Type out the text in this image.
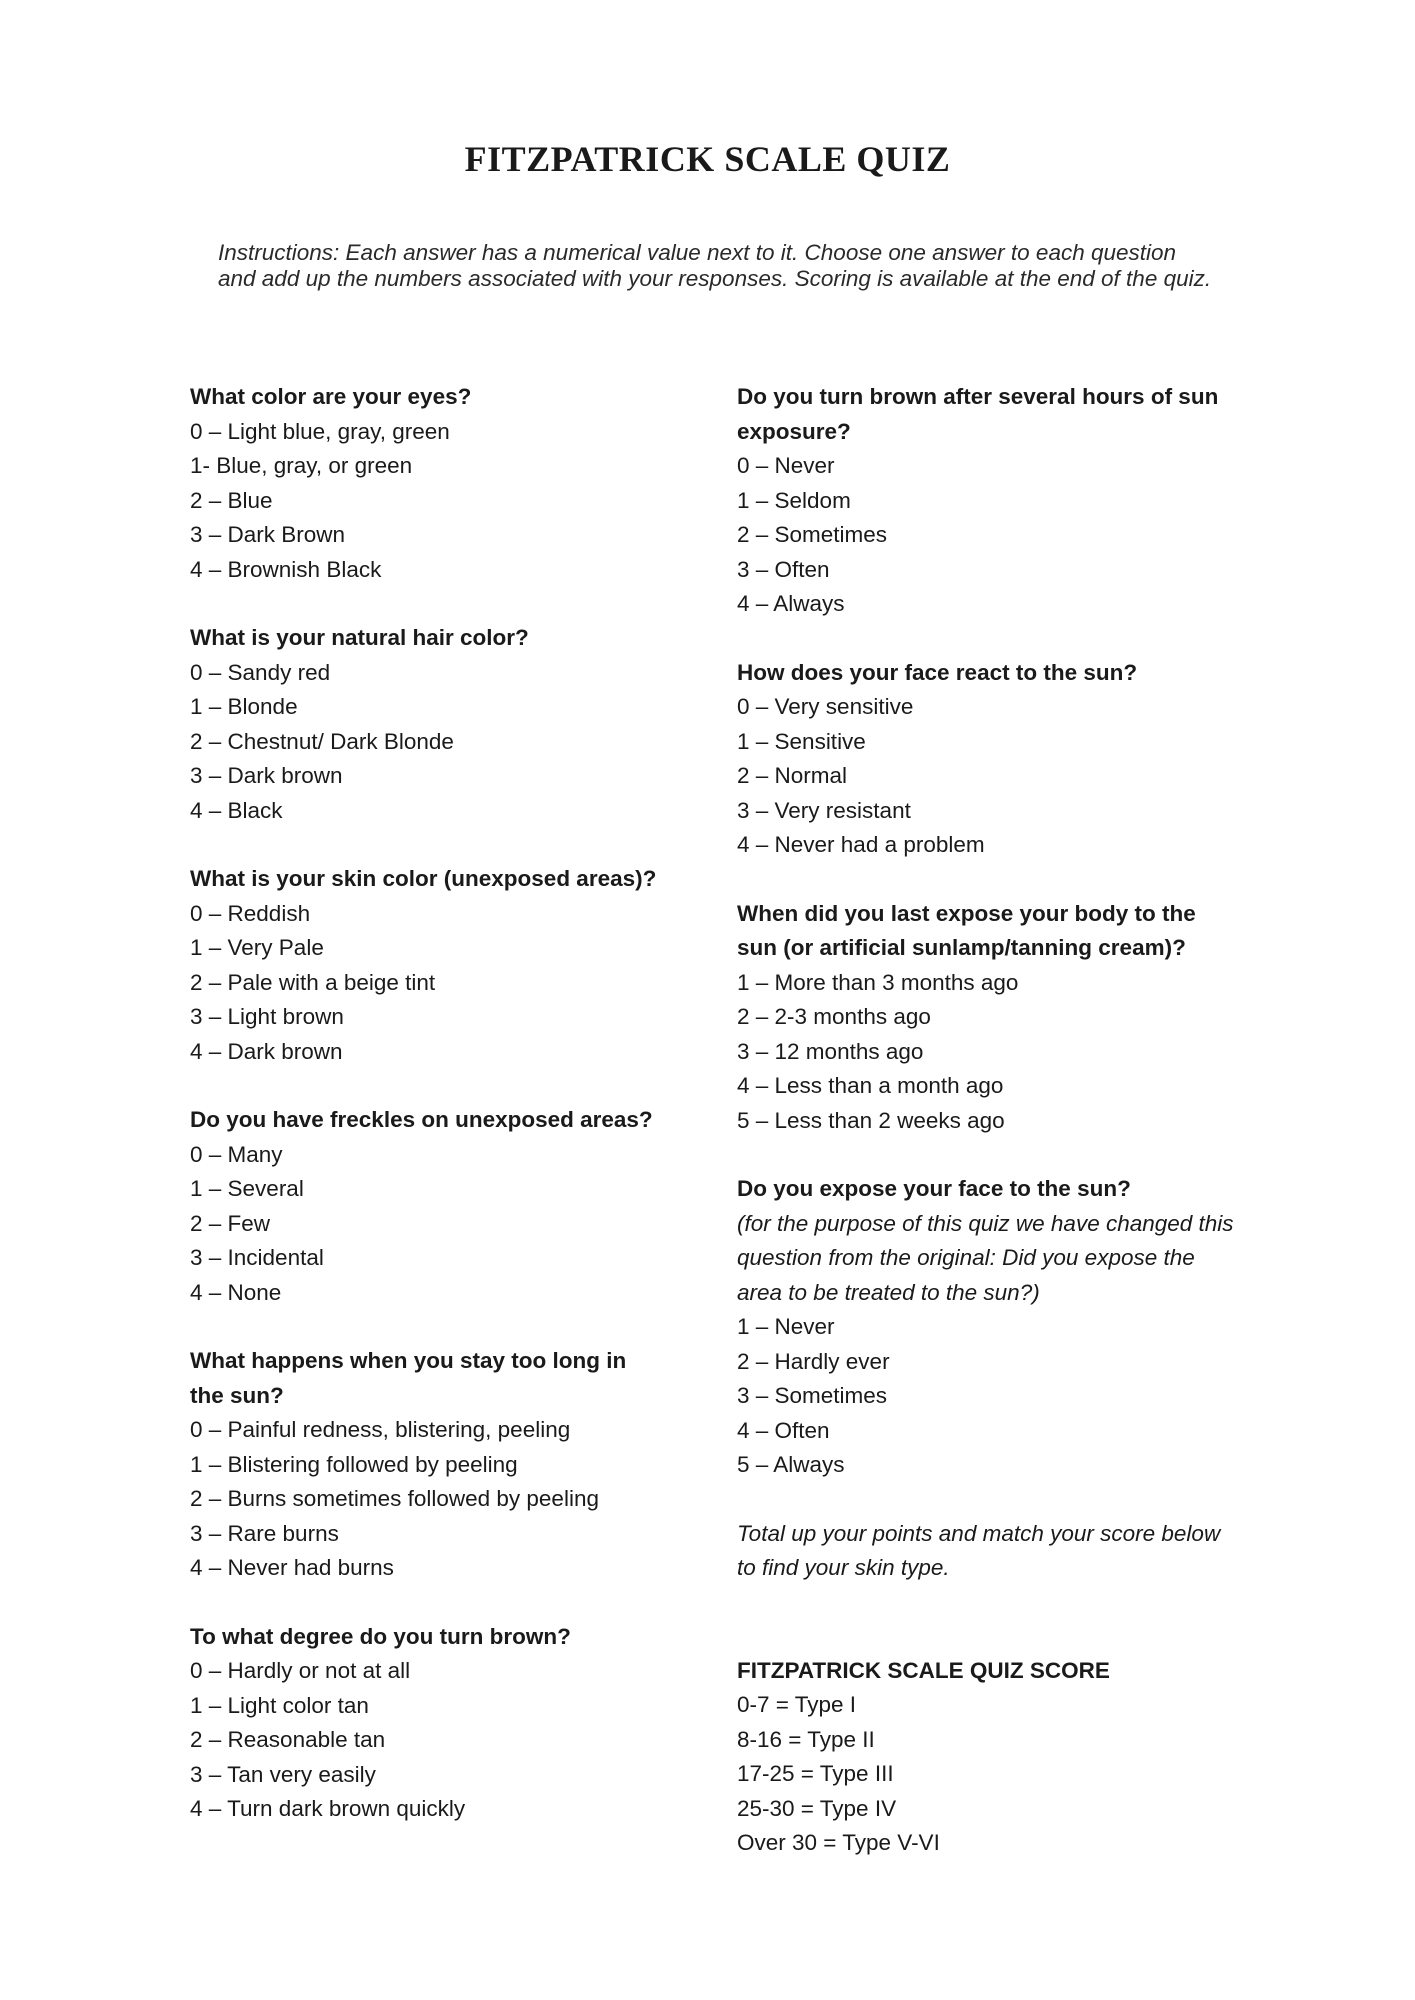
FITZPATRICK SCALE QUIZ
Instructions: Each answer has a numerical value next to it. Choose one answer to each question and add up the numbers associated with your responses. Scoring is available at the end of the quiz.
What color are your eyes?
0 – Light blue, gray, green
1- Blue, gray, or green
2 – Blue
3 – Dark Brown
4 – Brownish Black
What is your natural hair color?
0 – Sandy red
1 – Blonde
2 – Chestnut/ Dark Blonde
3 – Dark brown
4 – Black
What is your skin color (unexposed areas)?
0 – Reddish
1 – Very Pale
2 – Pale with a beige tint
3 – Light brown
4 – Dark brown
Do you have freckles on unexposed areas?
0 – Many
1 – Several
2 – Few
3 – Incidental
4 – None
What happens when you stay too long in the sun?
0 – Painful redness, blistering, peeling
1 – Blistering followed by peeling
2 – Burns sometimes followed by peeling
3 – Rare burns
4 – Never had burns
To what degree do you turn brown?
0 – Hardly or not at all
1 – Light color tan
2 – Reasonable tan
3 – Tan very easily
4 – Turn dark brown quickly
Do you turn brown after several hours of sun exposure?
0 – Never
1 – Seldom
2 – Sometimes
3 – Often
4 – Always
How does your face react to the sun?
0 – Very sensitive
1 – Sensitive
2 – Normal
3 – Very resistant
4 – Never had a problem
When did you last expose your body to the sun (or artificial sunlamp/tanning cream)?
1 – More than 3 months ago
2 – 2-3 months ago
3 – 12 months ago
4 – Less than a month ago
5 – Less than 2 weeks ago
Do you expose your face to the sun?
(for the purpose of this quiz we have changed this question from the original: Did you expose the area to be treated to the sun?)
1 – Never
2 – Hardly ever
3 – Sometimes
4 – Often
5 – Always
Total up your points and match your score below to find your skin type.
FITZPATRICK SCALE QUIZ SCORE
0-7 = Type I
8-16 = Type II
17-25 = Type III
25-30 = Type IV
Over 30 = Type V-VI
